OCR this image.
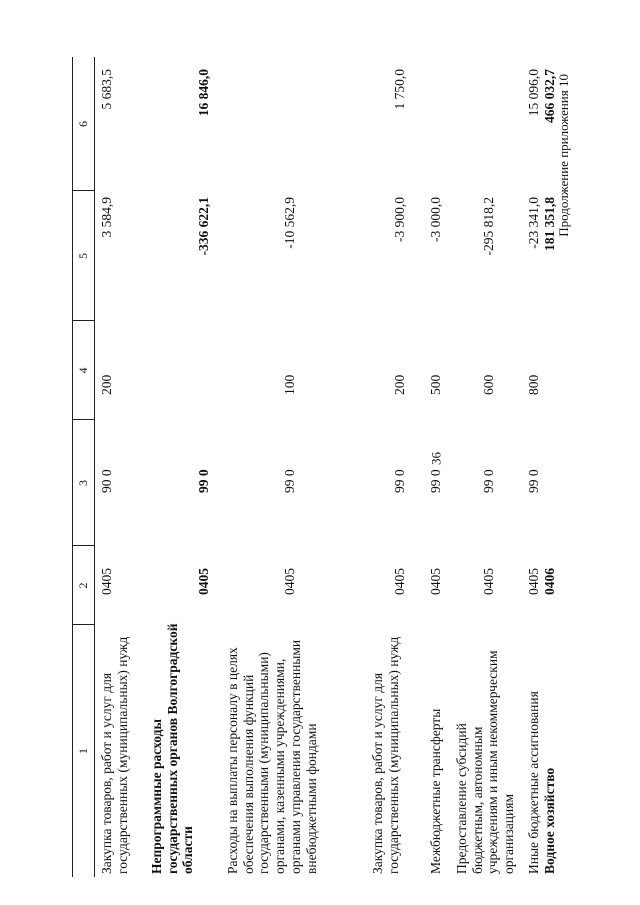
36
Продолжение приложения 10
1
2
3
4
5
6
Закупка товаров, работ и услуг для государственных (муниципальных) нужд
0405
90 0
200
3 584,9
5 683,5
Непрограммные расходы государственных органов Волгоградской области
0405
99 0
-336 622,1
16 846,0
Расходы на выплаты персоналу в целях обеспечения выполнения функций государственными (муниципальными) органами, казенными учреждениями, органами управления государственными внебюджетными фондами
0405
99 0
100
-10 562,9
Закупка товаров, работ и услуг для государственных (муниципальных) нужд
0405
99 0
200
-3 900,0
1 750,0
Межбюджетные трансферты
0405
99 0
500
-3 000,0
Предоставление субсидий бюджетным, автономным учреждениям и иным некоммерческим организациям
0405
99 0
600
-295 818,2
Иные бюджетные ассигнования
0405
99 0
800
-23 341,0
15 096,0
Водное хозяйство
0406
181 351,8
466 032,7
